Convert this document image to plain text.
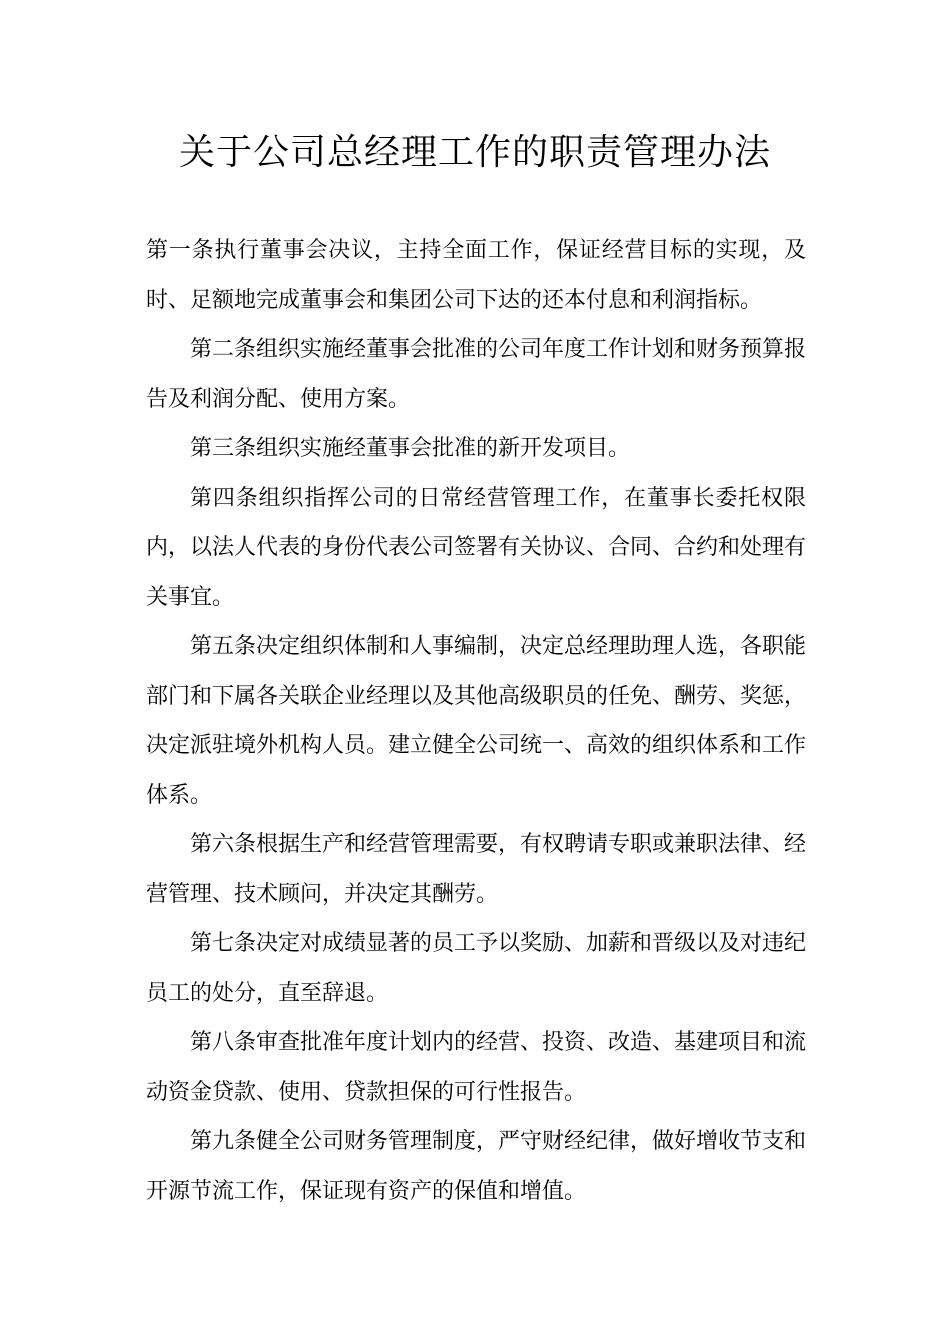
关于公司总经理工作的职责管理办法

第一条执行董事会决议，主持全面工作，保证经营目标的实现，及时、足额地完成董事会和集团公司下达的还本付息和利润指标。

第二条组织实施经董事会批准的公司年度工作计划和财务预算报告及利润分配、使用方案。

第三条组织实施经董事会批准的新开发项目。

第四条组织指挥公司的日常经营管理工作，在董事长委托权限内，以法人代表的身份代表公司签署有关协议、合同、合约和处理有关事宜。

第五条决定组织体制和人事编制，决定总经理助理人选，各职能部门和下属各关联企业经理以及其他高级职员的任免、酬劳、奖惩，决定派驻境外机构人员。建立健全公司统一、高效的组织体系和工作体系。

第六条根据生产和经营管理需要，有权聘请专职或兼职法律、经营管理、技术顾问，并决定其酬劳。

第七条决定对成绩显著的员工予以奖励、加薪和晋级以及对违纪员工的处分，直至辞退。

第八条审查批准年度计划内的经营、投资、改造、基建项目和流动资金贷款、使用、贷款担保的可行性报告。

第九条健全公司财务管理制度，严守财经纪律，做好增收节支和开源节流工作，保证现有资产的保值和增值。
